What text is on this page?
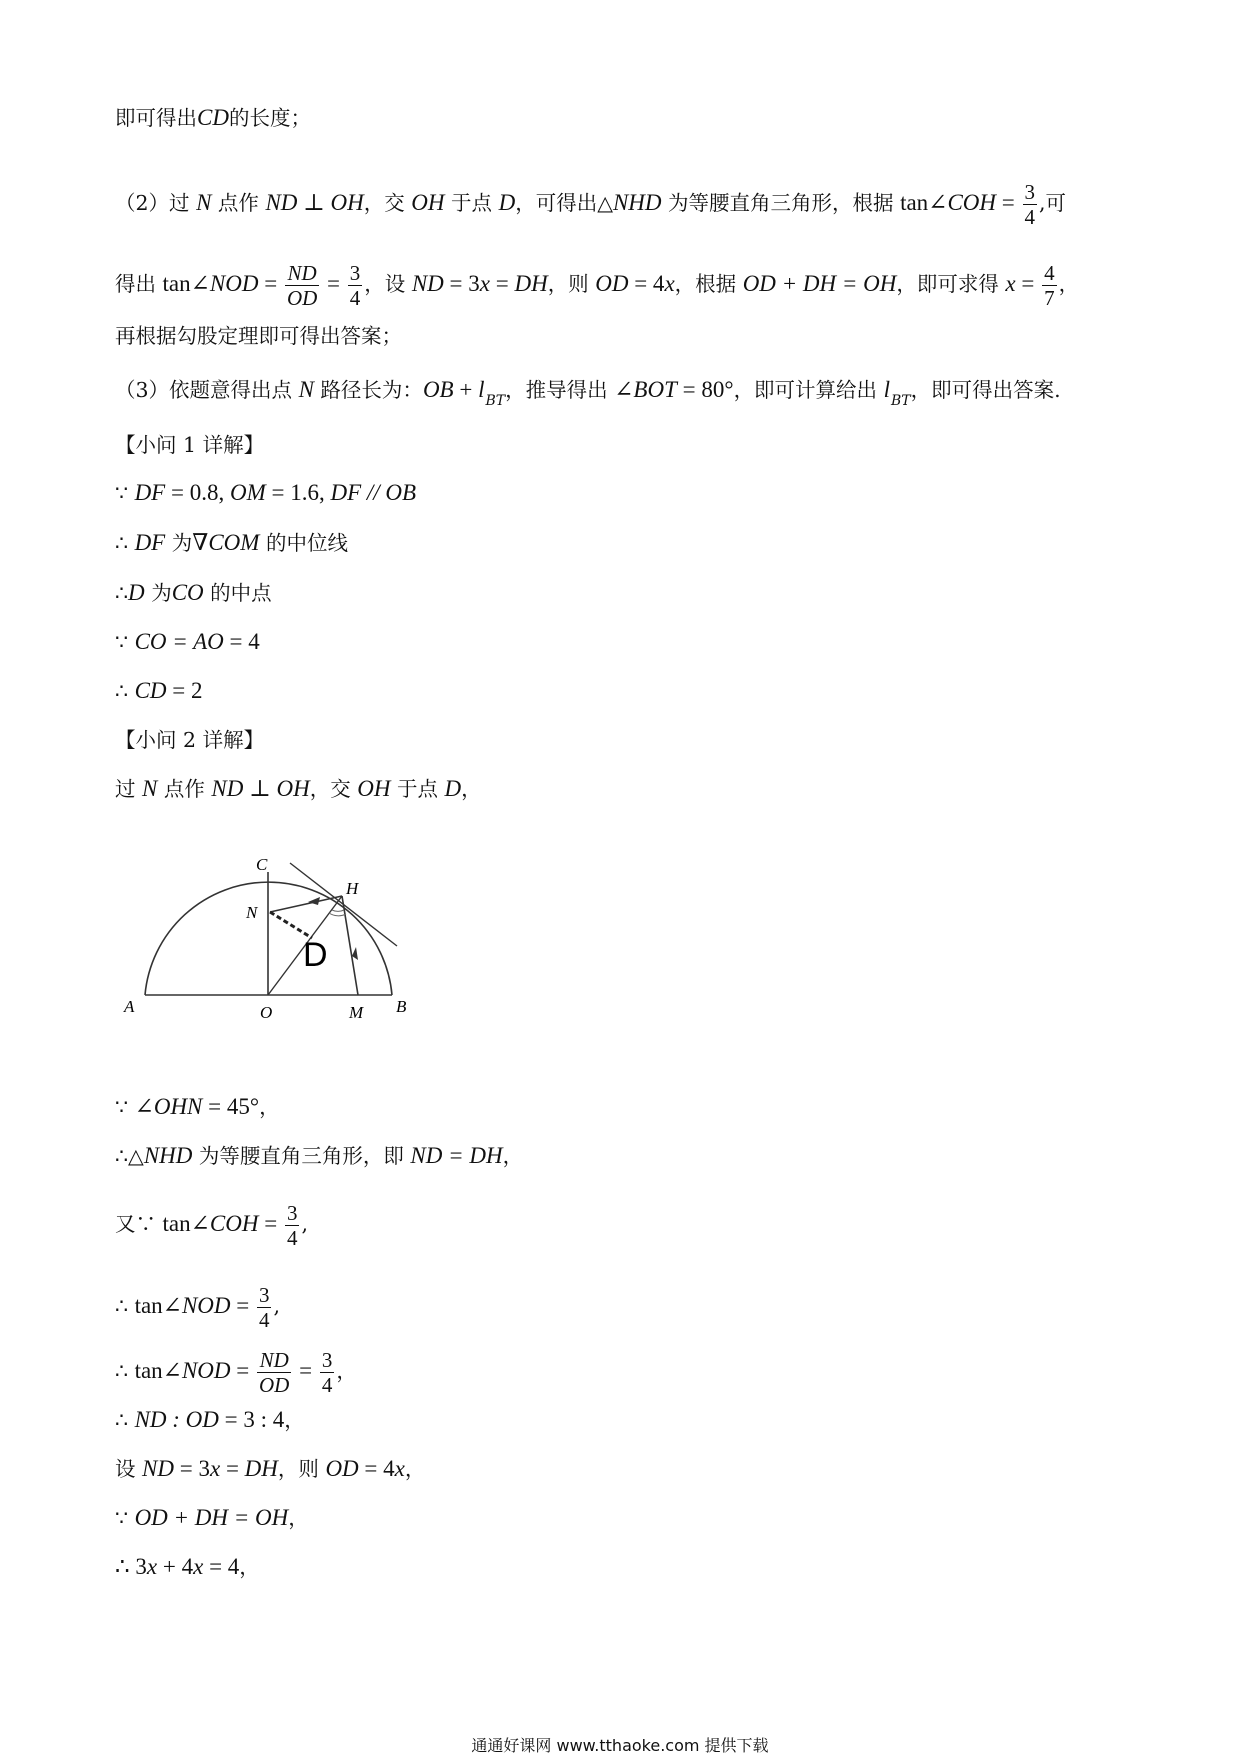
即可得出CD的长度；
（2）过 N 点作 ND ⊥ OH，交 OH 于点 D，可得出△NHD 为等腰直角三角形，根据 tan∠COH = $\frac{3}{4}$ ,可
得出 tan∠NOD = $\frac{ND}{OD} = \frac{3}{4}$ ，设 ND = 3x = DH，则 OD = 4x，根据 OD + DH = OH，即可求得 $x = \frac{4}{7}$ ，
再根据勾股定理即可得出答案；
（3）依题意得出点 N 路径长为：OB + $l_{BT}$，推导得出 ∠BOT = 80°，即可计算给出 $l_{BT}$，即可得出答案.
【小问 1 详解】
∵ DF = 0.8, OM = 1.6, DF // OB
∴ DF 为∇COM 的中位线
∴D 为CO 的中点
∵ CO = AO = 4
∴ CD = 2
【小问 2 详解】
过 N 点作 ND ⊥ OH，交 OH 于点 D，
C
H
N
D
A	O	M B
∵ ∠OHN = 45°，
∴△NHD 为等腰直角三角形，即 ND = DH，
又∵ tan∠COH = $\frac{3}{4}$ ,
∴ tan∠NOD = $\frac{3}{4}$ ,
∴ tan∠NOD = $\frac{ND}{OD} = \frac{3}{4}$ ，
∴ ND : OD = 3 : 4，
设 ND = 3x = DH，则 OD = 4x，
∵ OD + DH = OH，
∴ 3x + 4x = 4，
通通好课网 www.tthaoke.com 提供下载
